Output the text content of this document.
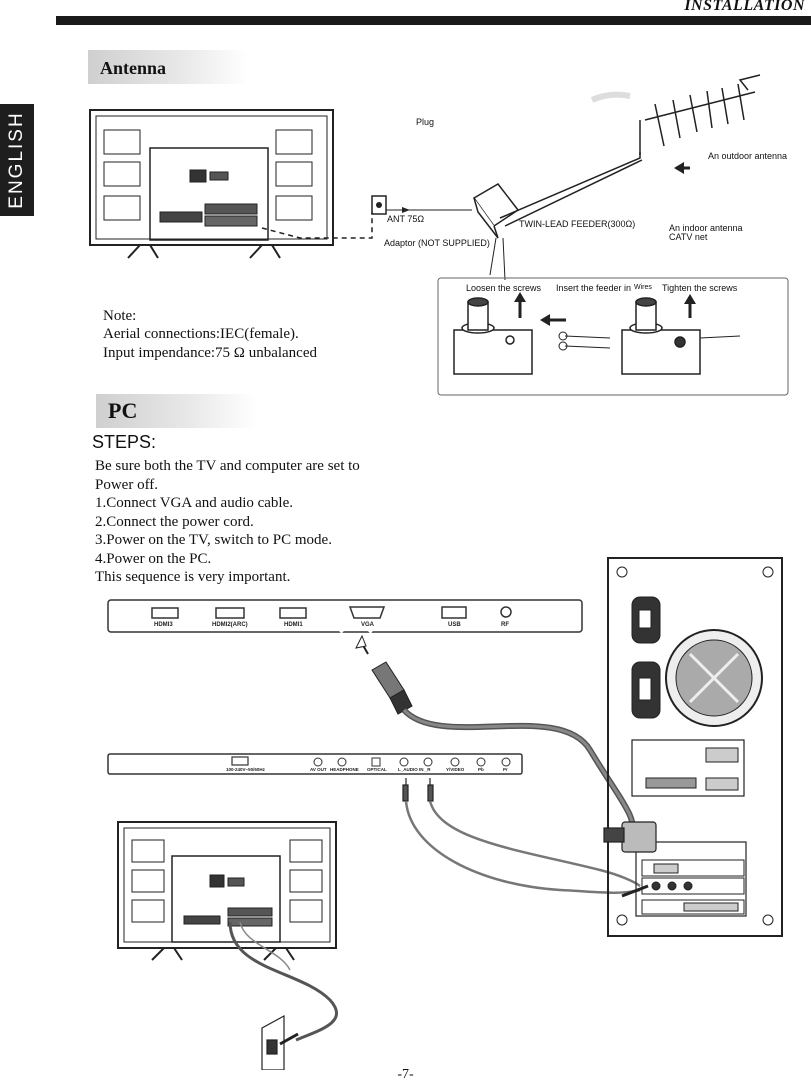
INSTALLATION
ENGLISH
Antenna
Plug
An outdoor antenna
ANT 75Ω	TWIN-LEAD FEEDER(300Ω)	An indoor antenna
CATV net
Adaptor (NOT SUPPLIED)
Loosen the screws Insert the feeder in Wires Tighten the screws
Note:
Aerial connections:IEC(female).
Input impendance:75 Ω unbalanced
PC
STEPS:
Be sure both the TV and computer are set to
Power off.
1.Connect VGA and audio cable.
2.Connect the power cord.
3.Power on the TV, switch to PC mode.
4.Power on the PC.
This sequence is very important.
HDMI3	HDMI2(ARC)	HDMI1	VGA	USB	RF
100-240V~50/60Hz	AV OUT HEADPHONE OPTICAL	L_AUDIO IN _R	Y/VIDEO	Pb	Pr
-7-
